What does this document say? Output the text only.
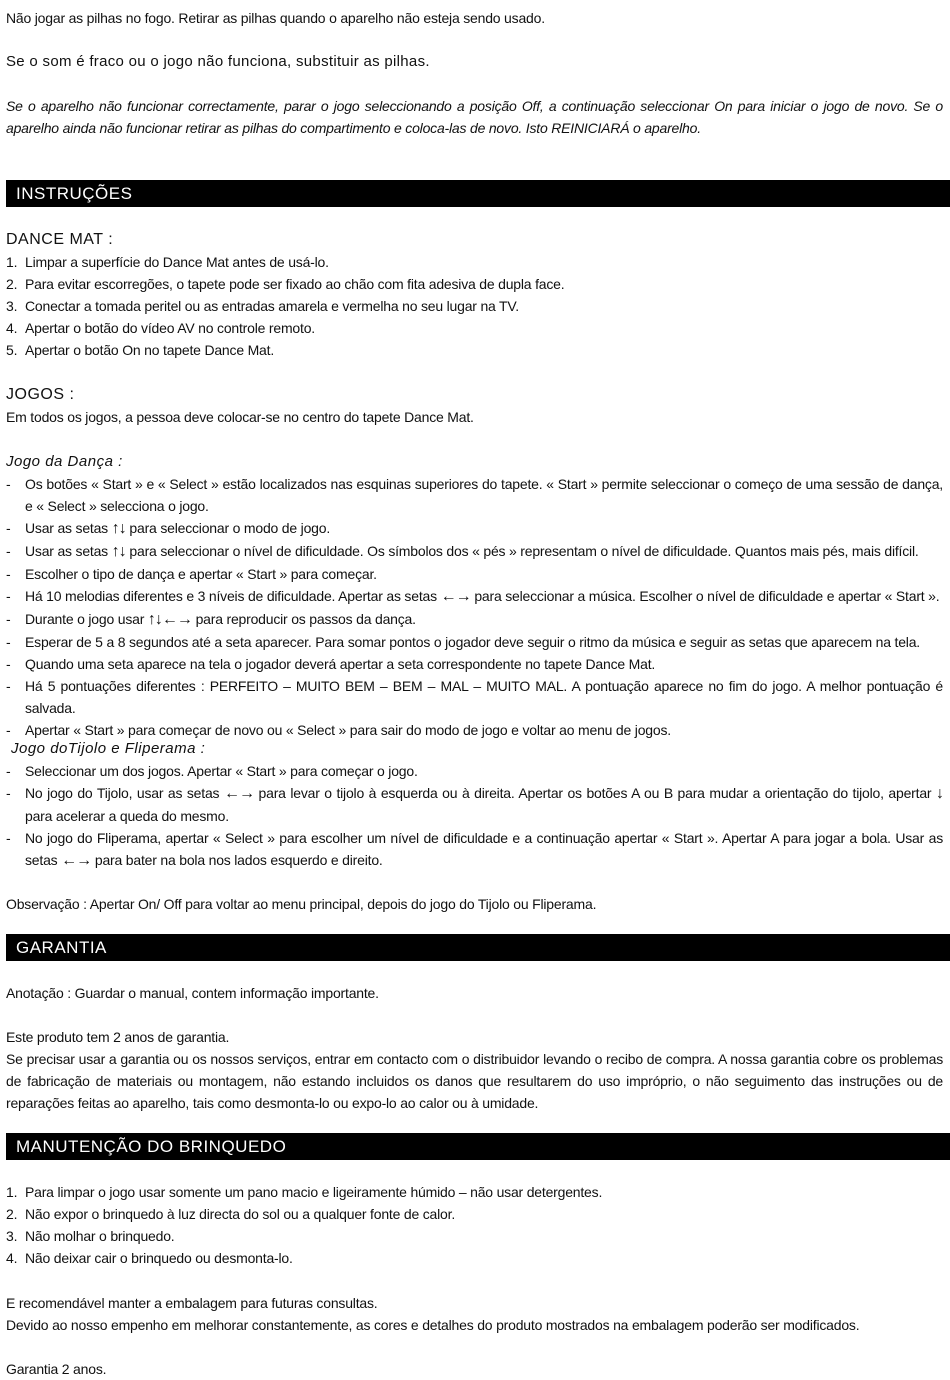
Não jogar as pilhas no fogo. Retirar as pilhas quando o aparelho não esteja sendo usado.

Se o som é fraco ou o jogo não funciona, substituir as pilhas.

Se o aparelho não funcionar correctamente, parar o jogo seleccionando a posição Off, a continuação seleccionar On para iniciar o jogo de novo. Se o aparelho ainda não funcionar retirar as pilhas do compartimento e coloca-las de novo. Isto REINICIARÁ o aparelho.

INSTRUÇÕES

DANCE MAT :

1. Limpar a superfície do Dance Mat antes de usá-lo.
2. Para evitar escorregões, o tapete pode ser fixado ao chão com fita adesiva de dupla face.
3. Conectar a tomada peritel ou as entradas amarela e vermelha no seu lugar na TV.
4. Apertar o botão do vídeo AV no controle remoto.
5. Apertar o botão On no tapete Dance Mat.

JOGOS :

Em todos os jogos, a pessoa deve colocar-se no centro do tapete Dance Mat.

Jogo da Dança :

-	Os botões « Start » e « Select » estão localizados nas esquinas superiores do tapete. « Start » permite seleccionar o começo de uma sessão de dança, e « Select » selecciona o jogo.
-	Usar as setas ↑↓ para seleccionar o modo de jogo.
-	Usar as setas ↑↓ para seleccionar o nível de dificuldade. Os símbolos dos « pés » representam o nível de dificuldade. Quantos mais pés, mais difícil.
-	Escolher o tipo de dança e apertar « Start » para começar.
-	Há 10 melodias diferentes e 3 níveis de dificuldade. Apertar as setas ←→ para seleccionar a música. Escolher o nível de dificuldade e apertar « Start ».
-	Durante o jogo usar ↑↓←→ para reproducir os passos da dança.
-	Esperar de 5 a 8 segundos até a seta aparecer. Para somar pontos o jogador deve seguir o ritmo da música e seguir as setas que aparecem na tela.
-	Quando uma seta aparece na tela o jogador deverá apertar a seta correspondente no tapete Dance Mat.
-	Há 5 pontuações diferentes : PERFEITO – MUITO BEM – BEM – MAL – MUITO MAL. A pontuação aparece no fim do jogo. A melhor pontuação é salvada.
-	Apertar « Start » para começar de novo ou « Select » para sair do modo de jogo e voltar ao menu de jogos.

Jogo doTijolo e Fliperama :

-	Seleccionar um dos jogos. Apertar « Start » para começar o jogo.
-	No jogo do Tijolo, usar as setas ←→ para levar o tijolo à esquerda ou à direita. Apertar os botões A ou B para mudar a orientação do tijolo, apertar ↓ para acelerar a queda do mesmo.
-	No jogo do Fliperama, apertar « Select » para escolher um nível de dificuldade e a continuação apertar « Start ». Apertar A para jogar a bola. Usar as setas ←→ para bater na bola nos lados esquerdo e direito.

Observação : Apertar On/ Off para voltar ao menu principal, depois do jogo do Tijolo ou Fliperama.

GARANTIA

Anotação : Guardar o manual, contem informação importante.

Este produto tem 2 anos de garantia.

Se precisar usar a garantia ou os nossos serviços, entrar em contacto com o distribuidor levando o recibo de compra. A nossa garantia cobre os problemas de fabricação de materiais ou montagem, não estando incluidos os danos que resultarem do uso impróprio, o não seguimento das instruções ou de reparações feitas ao aparelho, tais como desmonta-lo ou expo-lo ao calor ou à umidade.

MANUTENÇÃO DO BRINQUEDO
1. Para limpar o jogo usar somente um pano macio e ligeiramente húmido – não usar detergentes.
2. Não expor o brinquedo à luz directa do sol ou a qualquer fonte de calor.
3. Não molhar o brinquedo.
4. Não deixar cair o brinquedo ou desmonta-lo.

E recomendável manter a embalagem para futuras consultas.

Devido ao nosso empenho em melhorar constantemente, as cores e detalhes do produto mostrados na embalagem poderão ser modificados.

Garantia 2 anos.
